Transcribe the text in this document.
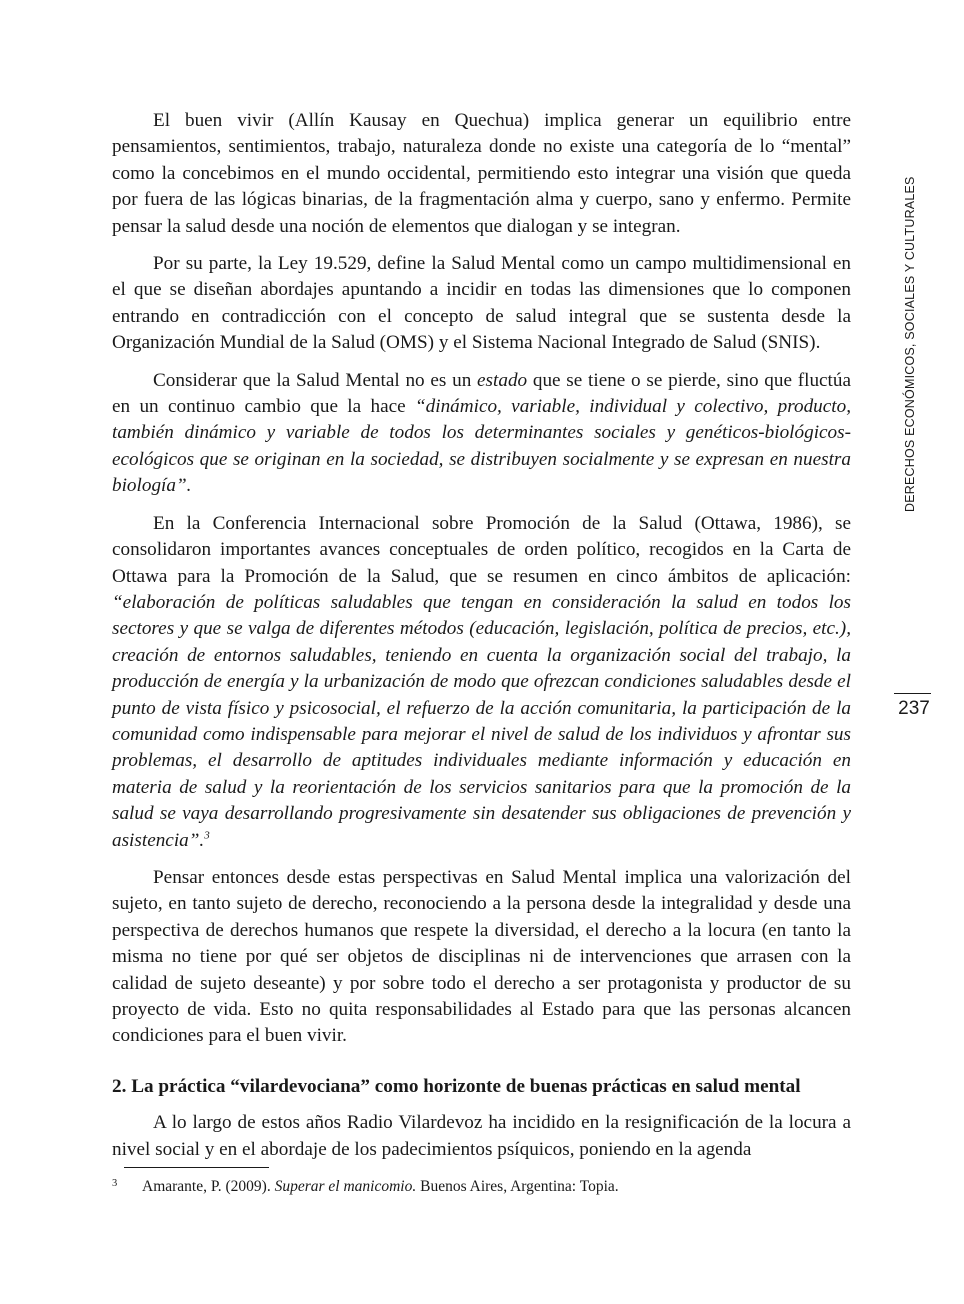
DERECHOS ECONÓMICOS, SOCIALES Y CULTURALES
237

El buen vivir (Allín Kausay en Quechua) implica generar un equilibrio entre pensamientos, sentimientos, trabajo, naturaleza donde no existe una categoría de lo “mental” como la concebimos en el mundo occidental, permitiendo esto integrar una visión que queda por fuera de las lógicas binarias, de la fragmentación alma y cuerpo, sano y enfermo. Permite pensar la salud desde una noción de elementos que dialogan y se integran.

Por su parte, la Ley 19.529, define la Salud Mental como un campo multidimensional en el que se diseñan abordajes apuntando a incidir en todas las dimensiones que lo componen entrando en contradicción con el concepto de salud integral que se sustenta desde la Organización Mundial de la Salud (OMS) y el Sistema Nacional Integrado de Salud (SNIS).

Considerar que la Salud Mental no es un estado que se tiene o se pierde, sino que fluctúa en un continuo cambio que la hace “dinámico, variable, individual y colectivo, producto, también dinámico y variable de todos los determinantes sociales y genéticos-biológicos-ecológicos que se originan en la sociedad, se distribuyen socialmente y se expresan en nuestra biología”.

En la Conferencia Internacional sobre Promoción de la Salud (Ottawa, 1986), se consolidaron importantes avances conceptuales de orden político, recogidos en la Carta de Ottawa para la Promoción de la Salud, que se resumen en cinco ámbitos de aplicación: “elaboración de políticas saludables que tengan en consideración la salud en todos los sectores y que se valga de diferentes métodos (educación, legislación, política de precios, etc.), creación de entornos saludables, teniendo en cuenta la organización social del trabajo, la producción de energía y la urbanización de modo que ofrezcan condiciones saludables desde el punto de vista físico y psicosocial, el refuerzo de la acción comunitaria, la participación de la comunidad como indispensable para mejorar el nivel de salud de los individuos y afrontar sus problemas, el desarrollo de aptitudes individuales mediante información y educación en materia de salud y la reorientación de los servicios sanitarios para que la promoción de la salud se vaya desarrollando progresivamente sin desatender sus obligaciones de prevención y asistencia”.$^3$

Pensar entonces desde estas perspectivas en Salud Mental implica una valorización del sujeto, en tanto sujeto de derecho, reconociendo a la persona desde la integralidad y desde una perspectiva de derechos humanos que respete la diversidad, el derecho a la locura (en tanto la misma no tiene por qué ser objetos de disciplinas ni de intervenciones que arrasen con la calidad de sujeto deseante) y por sobre todo el derecho a ser protagonista y productor de su proyecto de vida. Esto no quita responsabilidades al Estado para que las personas alcancen condiciones para el buen vivir.

2. La práctica “vilardevociana” como horizonte de buenas prácticas en salud mental

A lo largo de estos años Radio Vilardevoz ha incidido en la resignificación de la locura a nivel social y en el abordaje de los padecimientos psíquicos, poniendo en la agenda

3 Amarante, P. (2009). Superar el manicomio. Buenos Aires, Argentina: Topia.
